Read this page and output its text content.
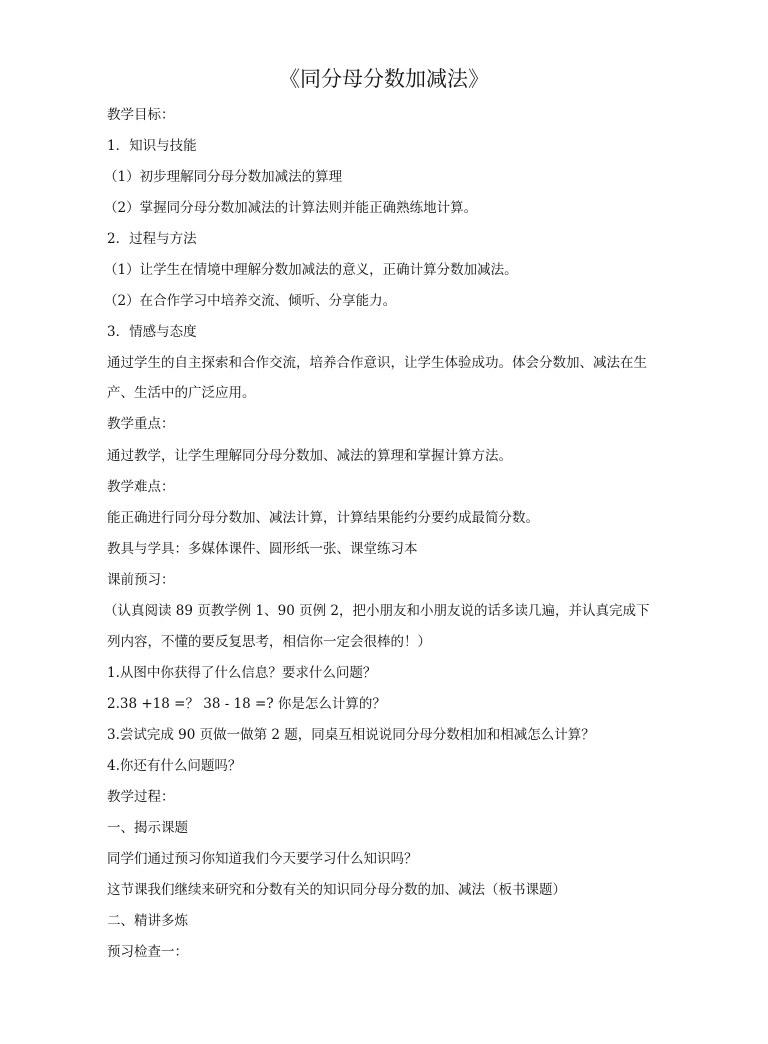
《同分母分数加减法》
教学目标：
1．知识与技能
（1）初步理解同分母分数加减法的算理
（2）掌握同分母分数加减法的计算法则并能正确熟练地计算。
2．过程与方法
（1）让学生在情境中理解分数加减法的意义，正确计算分数加减法。
（2）在合作学习中培养交流、倾听、分享能力。
3．情感与态度
通过学生的自主探索和合作交流，培养合作意识，让学生体验成功。体会分数加、减法在生
产、生活中的广泛应用。
教学重点：
通过教学，让学生理解同分母分数加、减法的算理和掌握计算方法。
教学难点：
能正确进行同分母分数加、减法计算，计算结果能约分要约成最简分数。
教具与学具：多媒体课件、圆形纸一张、课堂练习本
课前预习：
（认真阅读 89 页教学例 1、90 页例 2，把小朋友和小朋友说的话多读几遍，并认真完成下
列内容，不懂的要反复思考，相信你一定会很棒的！）
1.从图中你获得了什么信息？要求什么问题？
2.38 +18 =？ 38 - 18 =? 你是怎么计算的？
3.尝试完成 90 页做一做第 2 题，同桌互相说说同分母分数相加和相减怎么计算？
4.你还有什么问题吗？
教学过程：
一、揭示课题
同学们通过预习你知道我们今天要学习什么知识吗？
这节课我们继续来研究和分数有关的知识同分母分数的加、减法（板书课题）
二、精讲多炼
预习检查一：
